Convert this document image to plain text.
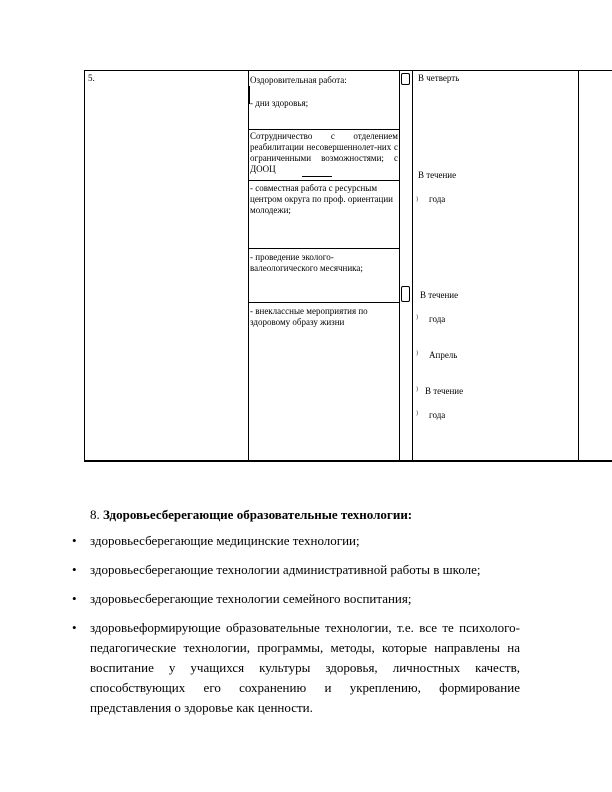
5.	Оздоровительная работа:
- дни здоровья;
Сотрудничество с отделением реабилитации несовершеннолет-них с ограниченными возможностями; с ДООЦ
- совместная работа с ресурсным центром округа по проф. ориентации молодежи;
- проведение эколого-валеологического месячника;
- внеклассные мероприятия по здоровому образу жизни
В четверть
В течение
года
В течение
года
Апрель
В течение
года
8. Здоровьесберегающие образовательные технологии:
• здоровьесберегающие медицинские технологии;
• здоровьесберегающие технологии административной работы в школе;
• здоровьесберегающие технологии семейного воспитания;
• здоровьеформирующие образовательные технологии, т.е. все те психолого-педагогические технологии, программы, методы, которые направлены на воспитание у учащихся культуры здоровья, личностных качеств, способствующих его сохранению и укреплению, формирование представления о здоровье как ценности.
